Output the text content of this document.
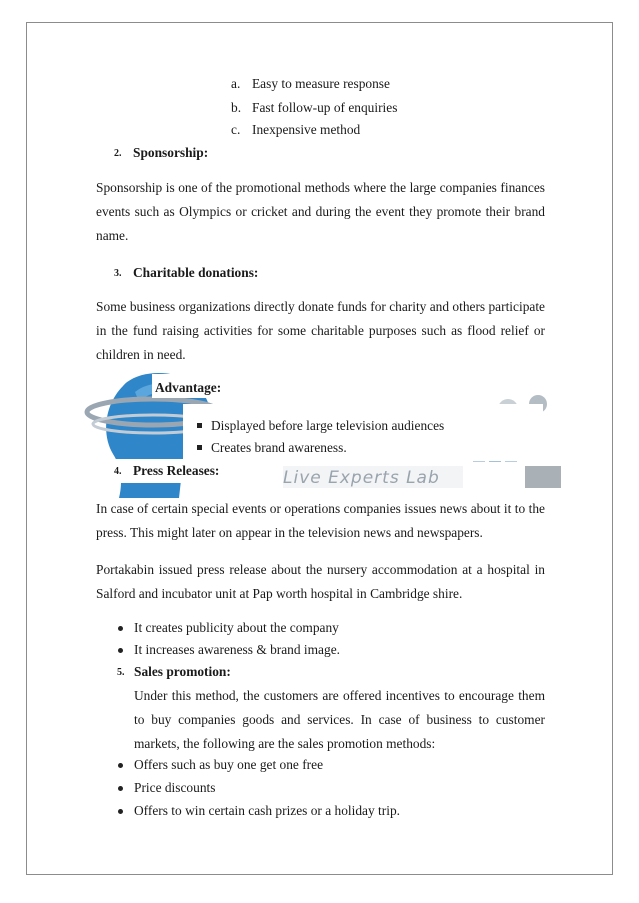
a. Easy to measure response
b. Fast follow-up of enquiries
c. Inexpensive method
2. Sponsorship:
Sponsorship is one of the promotional methods where the large companies finances events such as Olympics or cricket and during the event they promote their brand name.
3. Charitable donations:
Some business organizations directly donate funds for charity and others participate in the fund raising activities for some charitable purposes such as flood relief or children in need.
Live Experts Lab
Advantage:
Displayed before large television audiences
Creates brand awareness.
4. Press Releases:
In case of certain special events or operations companies issues news about it to the press. This might later on appear in the television news and newspapers.
Portakabin issued press release about the nursery accommodation at a hospital in Salford and incubator unit at Pap worth hospital in Cambridge shire.
It creates publicity about the company
It increases awareness & brand image.
5. Sales promotion:
Under this method, the customers are offered incentives to encourage them to buy companies goods and services. In case of business to customer markets, the following are the sales promotion methods:
Offers such as buy one get one free
Price discounts
Offers to win certain cash prizes or a holiday trip.
